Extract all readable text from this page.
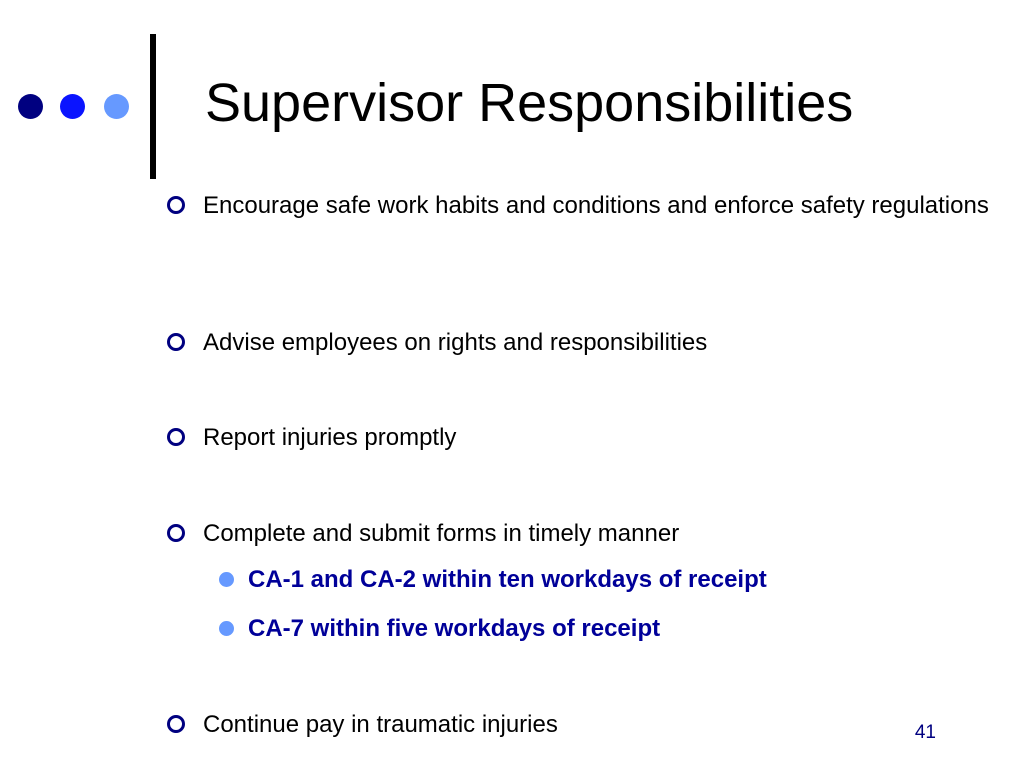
Supervisor Responsibilities
Encourage safe work habits and conditions and enforce safety regulations
Advise employees on rights and responsibilities
Report injuries promptly
Complete and submit forms in timely manner
CA-1 and CA-2 within ten workdays of receipt
CA-7 within five workdays of receipt
Continue pay in traumatic injuries	41
